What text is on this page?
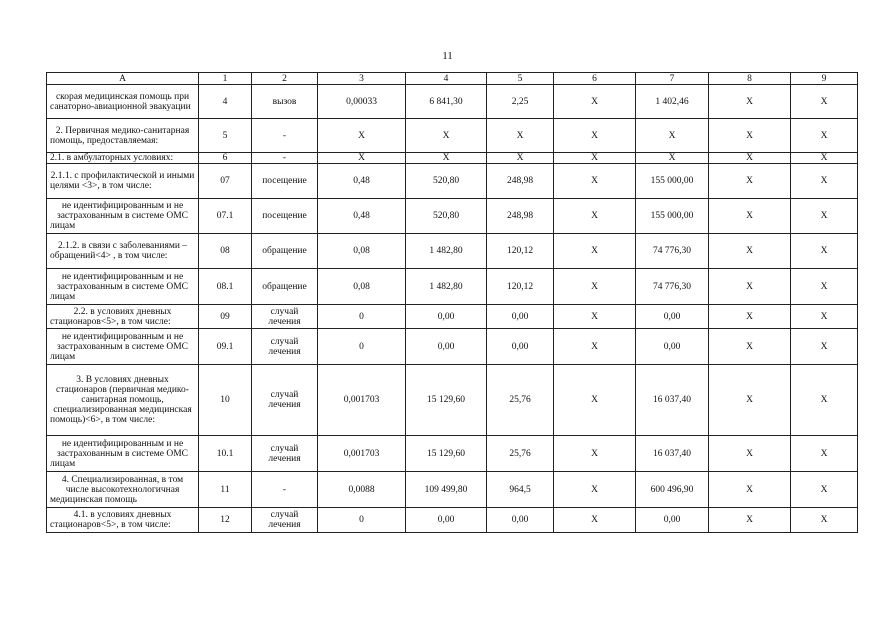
11
А	1	2	3	4	5	6	7	8	9
скорая медицинская помощь при санаторно-авиационной эвакуации	4	вызов	0,00033	6 841,30	2,25	X	1 402,46	X	X
2. Первичная медико-санитарная помощь, предоставляемая:	5	-	X	X	X	X	X	X	X
2.1. в амбулаторных условиях:	6	-	X	X	X	X	X	X	X
2.1.1. с профилактической и иными целями <3>, в том числе:	07	посещение	0,48	520,80	248,98	X	155 000,00	X	X
не идентифицированным и не застрахованным в системе ОМС лицам	07.1	посещение	0,48	520,80	248,98	X	155 000,00	X	X
2.1.2. в связи с заболеваниями – обращений<4> , в том числе:	08	обращение	0,08	1 482,80	120,12	X	74 776,30	X	X
не идентифицированным и не застрахованным в системе ОМС лицам	08.1	обращение	0,08	1 482,80	120,12	X	74 776,30	X	X
2.2. в условиях дневных стационаров<5>, в том числе:	09	случай лечения	0	0,00	0,00	X	0,00	X	X
не идентифицированным и не застрахованным в системе ОМС лицам	09.1	случай лечения	0	0,00	0,00	X	0,00	X	X
3. В условиях дневных стационаров (первичная медико-санитарная помощь, специализированная медицинская помощь)<6>, в том числе:	10	случай лечения	0,001703	15 129,60	25,76	X	16 037,40	X	X
не идентифицированным и не застрахованным в системе ОМС лицам	10.1	случай лечения	0,001703	15 129,60	25,76	X	16 037,40	X	X
4. Специализированная, в том числе высокотехнологичная медицинская помощь	11	-	0,0088	109 499,80	964,5	X	600 496,90	X	X
4.1. в условиях дневных стационаров<5>, в том числе:	12	случай лечения	0	0,00	0,00	X	0,00	X	X
